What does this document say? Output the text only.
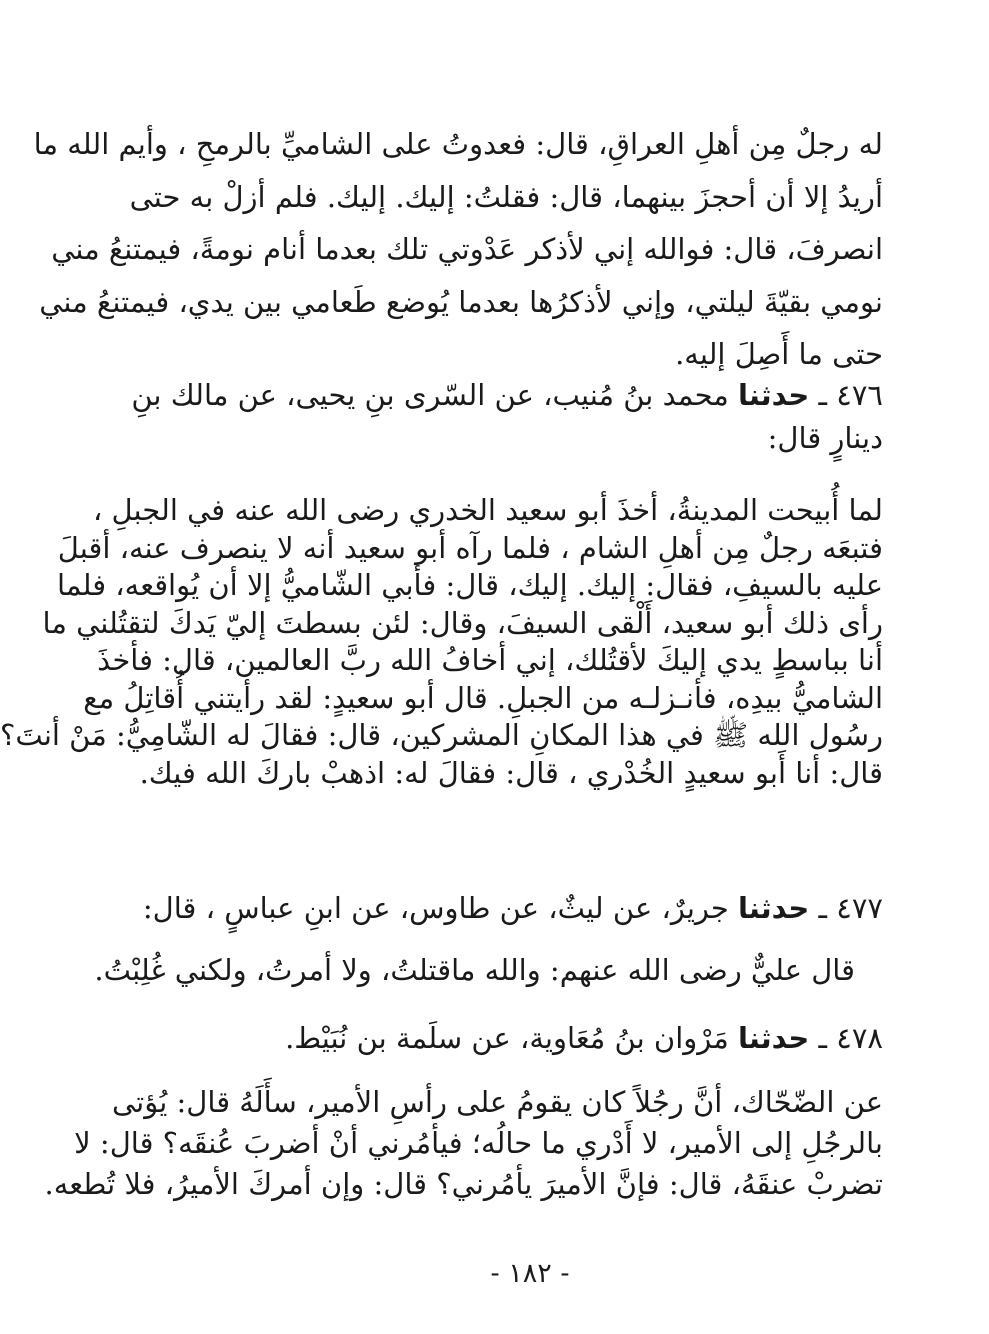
له رجلٌ مِن أهلِ العراقِ، قال: فعدوتُ على الشاميِّ بالرمحِ ، وأيم الله ما
أريدُ إلا أن أحجزَ بينهما، قال: فقلتُ: إليك. إليك. فلم أزلْ به حتى
انصرفَ، قال: فوالله إني لأذكر عَدْوتي تلك بعدما أنام نومةً، فيمتنعُ مني
نومي بقيّةَ ليلتي، وإني لأذكرُها بعدما يُوضع طَعامي بين يدي، فيمتنعُ مني
حتى ما أَصِلَ إليه.

٤٧٦ ـ حدثنا محمد بنُ مُنيب، عن السّرى بنِ يحيى، عن مالك بنِ
دينارٍ قال:

لما أُبيحت المدينةُ، أخذَ أبو سعيد الخدري رضى الله عنه في الجبلِ ،
فتبعَه رجلٌ مِن أهلِ الشام ، فلما رآه أبو سعيد أنه لا ينصرف عنه، أقبلَ
عليه بالسيفِ، فقال: إليك. إليك، قال: فأبي الشّاميُّ إلا أن يُواقعه، فلما
رأى ذلك أبو سعيد، أَلْقى السيفَ، وقال: لئن بسطتَ إليّ يَدكَ لتقتُلني ما
أنا بباسطٍ يدي إليكَ لأقتُلك، إني أخافُ الله ربَّ العالمين، قال: فأخذَ
الشاميُّ بيدِه، فأنـزلـه من الجبلِ. قال أبو سعيدٍ: لقد رأيتني أُقاتِلُ مع
رسُول الله ﷺ في هذا المكانِ المشركين، قال: فقالَ له الشّامِيُّ: مَنْ أنتَ؟
قال: أنا أَبو سعيدٍ الخُدْري ، قال: فقالَ له: اذهبْ باركَ الله فيك.

٤٧٧ ـ حدثنا جريرٌ، عن ليثٌ، عن طاوس، عن ابنِ عباسٍ ، قال:

قال عليٌّ رضى الله عنهم: والله ماقتلتُ، ولا أمرتُ، ولكني غُلِبْتُ.

٤٧٨ ـ حدثنا مَرْوان بنُ مُعَاوية، عن سلَمة بن نُبَيْط.

عن الضّحّاك، أنَّ رجُلاً كان يقومُ على رأسِ الأمير، سأَلَهُ قال: يُؤتى
بالرجُلِ إلى الأمير، لا أَدْري ما حالُه؛ فيأمُرني أنْ أضربَ عُنقَه؟ قال: لا
تضربْ عنقَهُ، قال: فإنَّ الأميرَ يأمُرني؟ قال: وإن أمركَ الأميرُ، فلا تُطعه.

- ١٨٢ -
